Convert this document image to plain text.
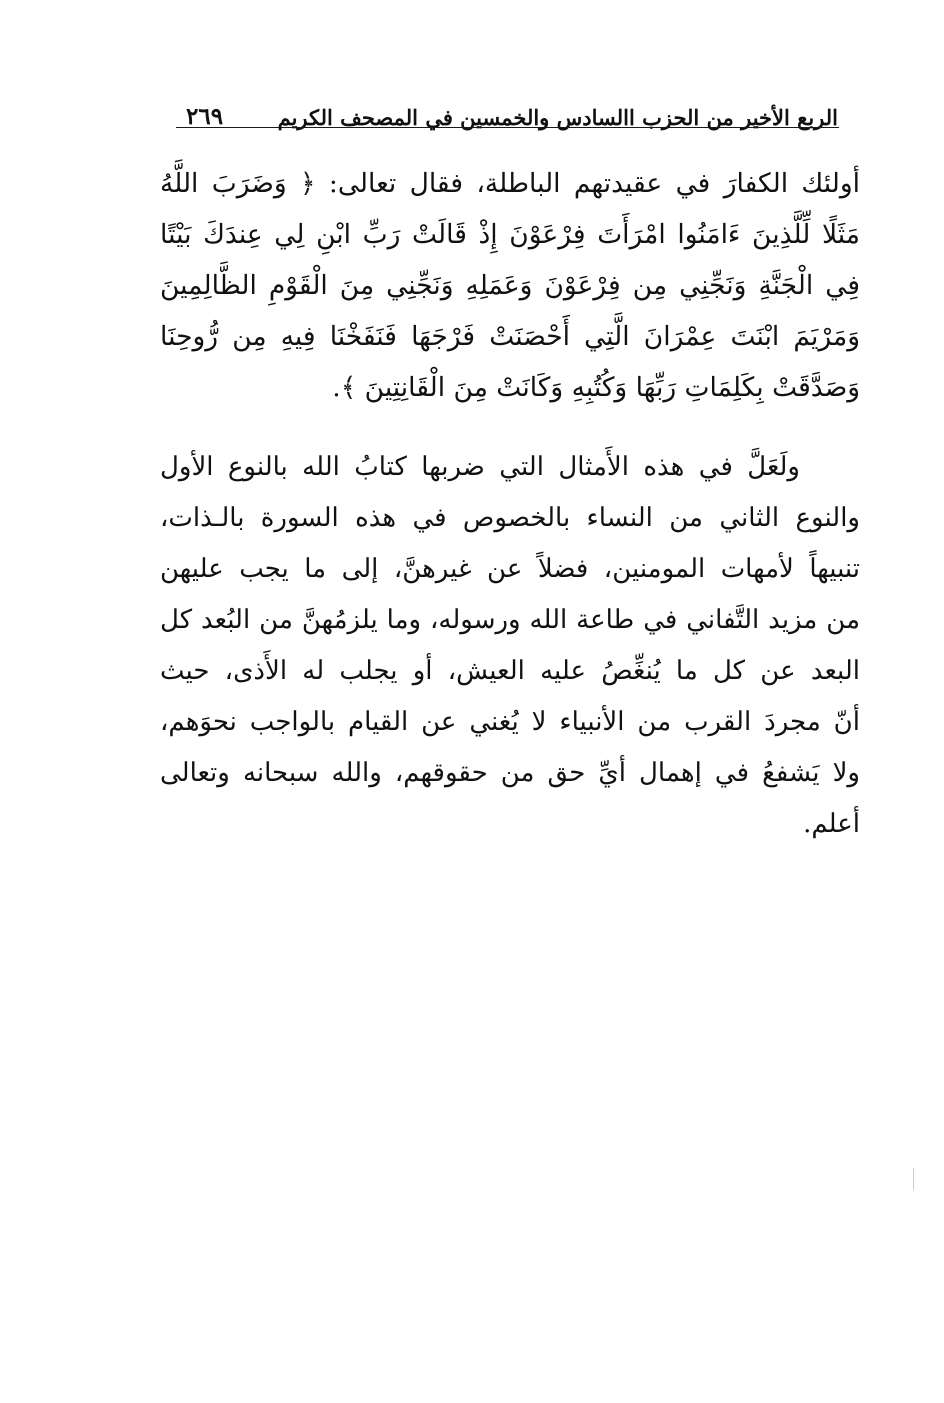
الربع الأخير من الحزب االسادس والخمسين في المصحف الكريم
٢٦٩
أولئك الكفارَ في عقيدتهم الباطلة، فقال تعالى: ﴿ وَضَرَبَ اللَّهُ
مَثَلًا لِّلَّذِينَ ءَامَنُوا امْرَأَتَ فِرْعَوْنَ إِذْ قَالَتْ رَبِّ ابْنِ لِي عِندَكَ بَيْتًا
فِي الْجَنَّةِ وَنَجِّنِي مِن فِرْعَوْنَ وَعَمَلِهِ وَنَجِّنِي مِنَ الْقَوْمِ الظَّالِمِينَ
وَمَرْيَمَ ابْنَتَ عِمْرَانَ الَّتِي أَحْصَنَتْ فَرْجَهَا فَنَفَخْنَا فِيهِ مِن رُّوحِنَا
وَصَدَّقَتْ بِكَلِمَاتِ رَبِّهَا وَكُتُبِهِ وَكَانَتْ مِنَ الْقَانِتِينَ ﴾.
ولَعَلَّ في هذه الأَمثال التي ضربها كتابُ الله بالنوع الأول
والنوع الثاني من النساء بالخصوص في هذه السورة بالـذات،
تنبيهاً لأمهات المومنين، فضلاً عن غيرهنَّ، إلى ما يجب عليهن
من مزيد التَّفاني في طاعة الله ورسوله، وما يلزمُهنَّ من البُعد كل
البعد عن كل ما يُنغِّصُ عليه العيش، أو يجلب له الأَذى، حيث
أنّ مجردَ القرب من الأنبياء لا يُغني عن القيام بالواجب نحوَهم،
ولا يَشفعُ في إهمال أيِّ حق من حقوقهم، والله سبحانه وتعالى
أعلم.
